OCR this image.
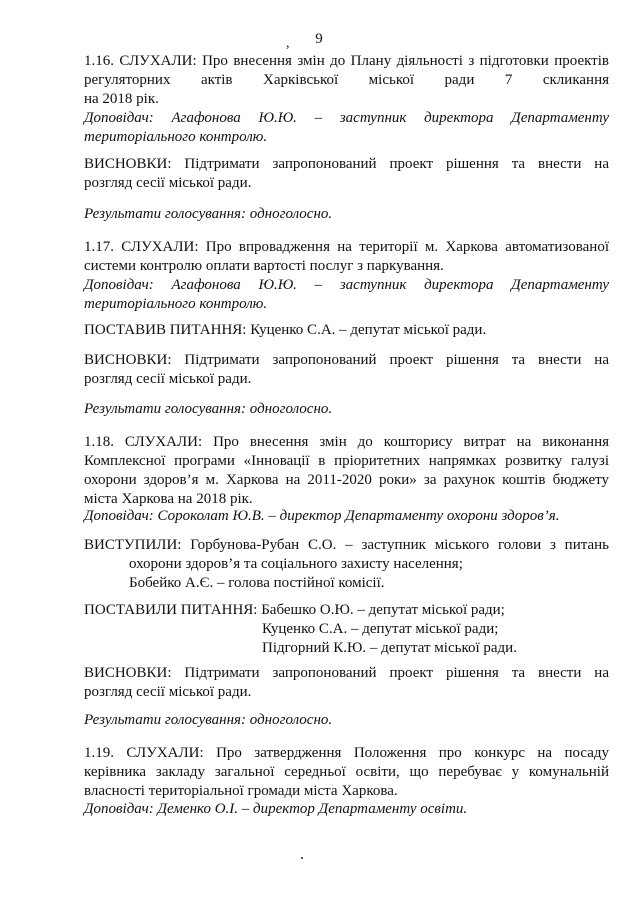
9
,
1.16. СЛУХАЛИ: Про внесення змін до Плану діяльності з підготовки проектів
регуляторних актів Харківської міської ради 7 скликання
на 2018 рік.
Доповідач: Агафонова Ю.Ю. – заступник директора Департаменту
територіального контролю.
ВИСНОВКИ: Підтримати запропонований проект рішення та внести на
розгляд сесії міської ради.
Результати голосування: одноголосно.
1.17. СЛУХАЛИ: Про впровадження на території м. Харкова автоматизованої
системи контролю оплати вартості послуг з паркування.
Доповідач: Агафонова Ю.Ю. – заступник директора Департаменту
територіального контролю.
ПОСТАВИВ ПИТАННЯ: Куценко С.А. – депутат міської ради.
ВИСНОВКИ: Підтримати запропонований проект рішення та внести на
розгляд сесії міської ради.
Результати голосування: одноголосно.
1.18. СЛУХАЛИ: Про внесення змін до кошторису витрат на виконання
Комплексної програми «Інновації в пріоритетних напрямках розвитку галузі
охорони здоров’я м. Харкова на 2011-2020 роки» за рахунок коштів бюджету
міста Харкова на 2018 рік.
Доповідач: Сороколат Ю.В. – директор Департаменту охорони здоров’я.
ВИСТУПИЛИ: Горбунова-Рубан С.О. – заступник міського голови з питань
охорони здоров’я та соціального захисту населення;
Бобейко А.Є. – голова постійної комісії.
ПОСТАВИЛИ ПИТАННЯ: Бабешко О.Ю. – депутат міської ради;
Куценко С.А. – депутат міської ради;
Підгорний К.Ю. – депутат міської ради.
ВИСНОВКИ: Підтримати запропонований проект рішення та внести на
розгляд сесії міської ради.
Результати голосування: одноголосно.
1.19. СЛУХАЛИ: Про затвердження Положення про конкурс на посаду
керівника закладу загальної середньої освіти, що перебуває у комунальній
власності територіальної громади міста Харкова.
Доповідач: Деменко О.І. – директор Департаменту освіти.
